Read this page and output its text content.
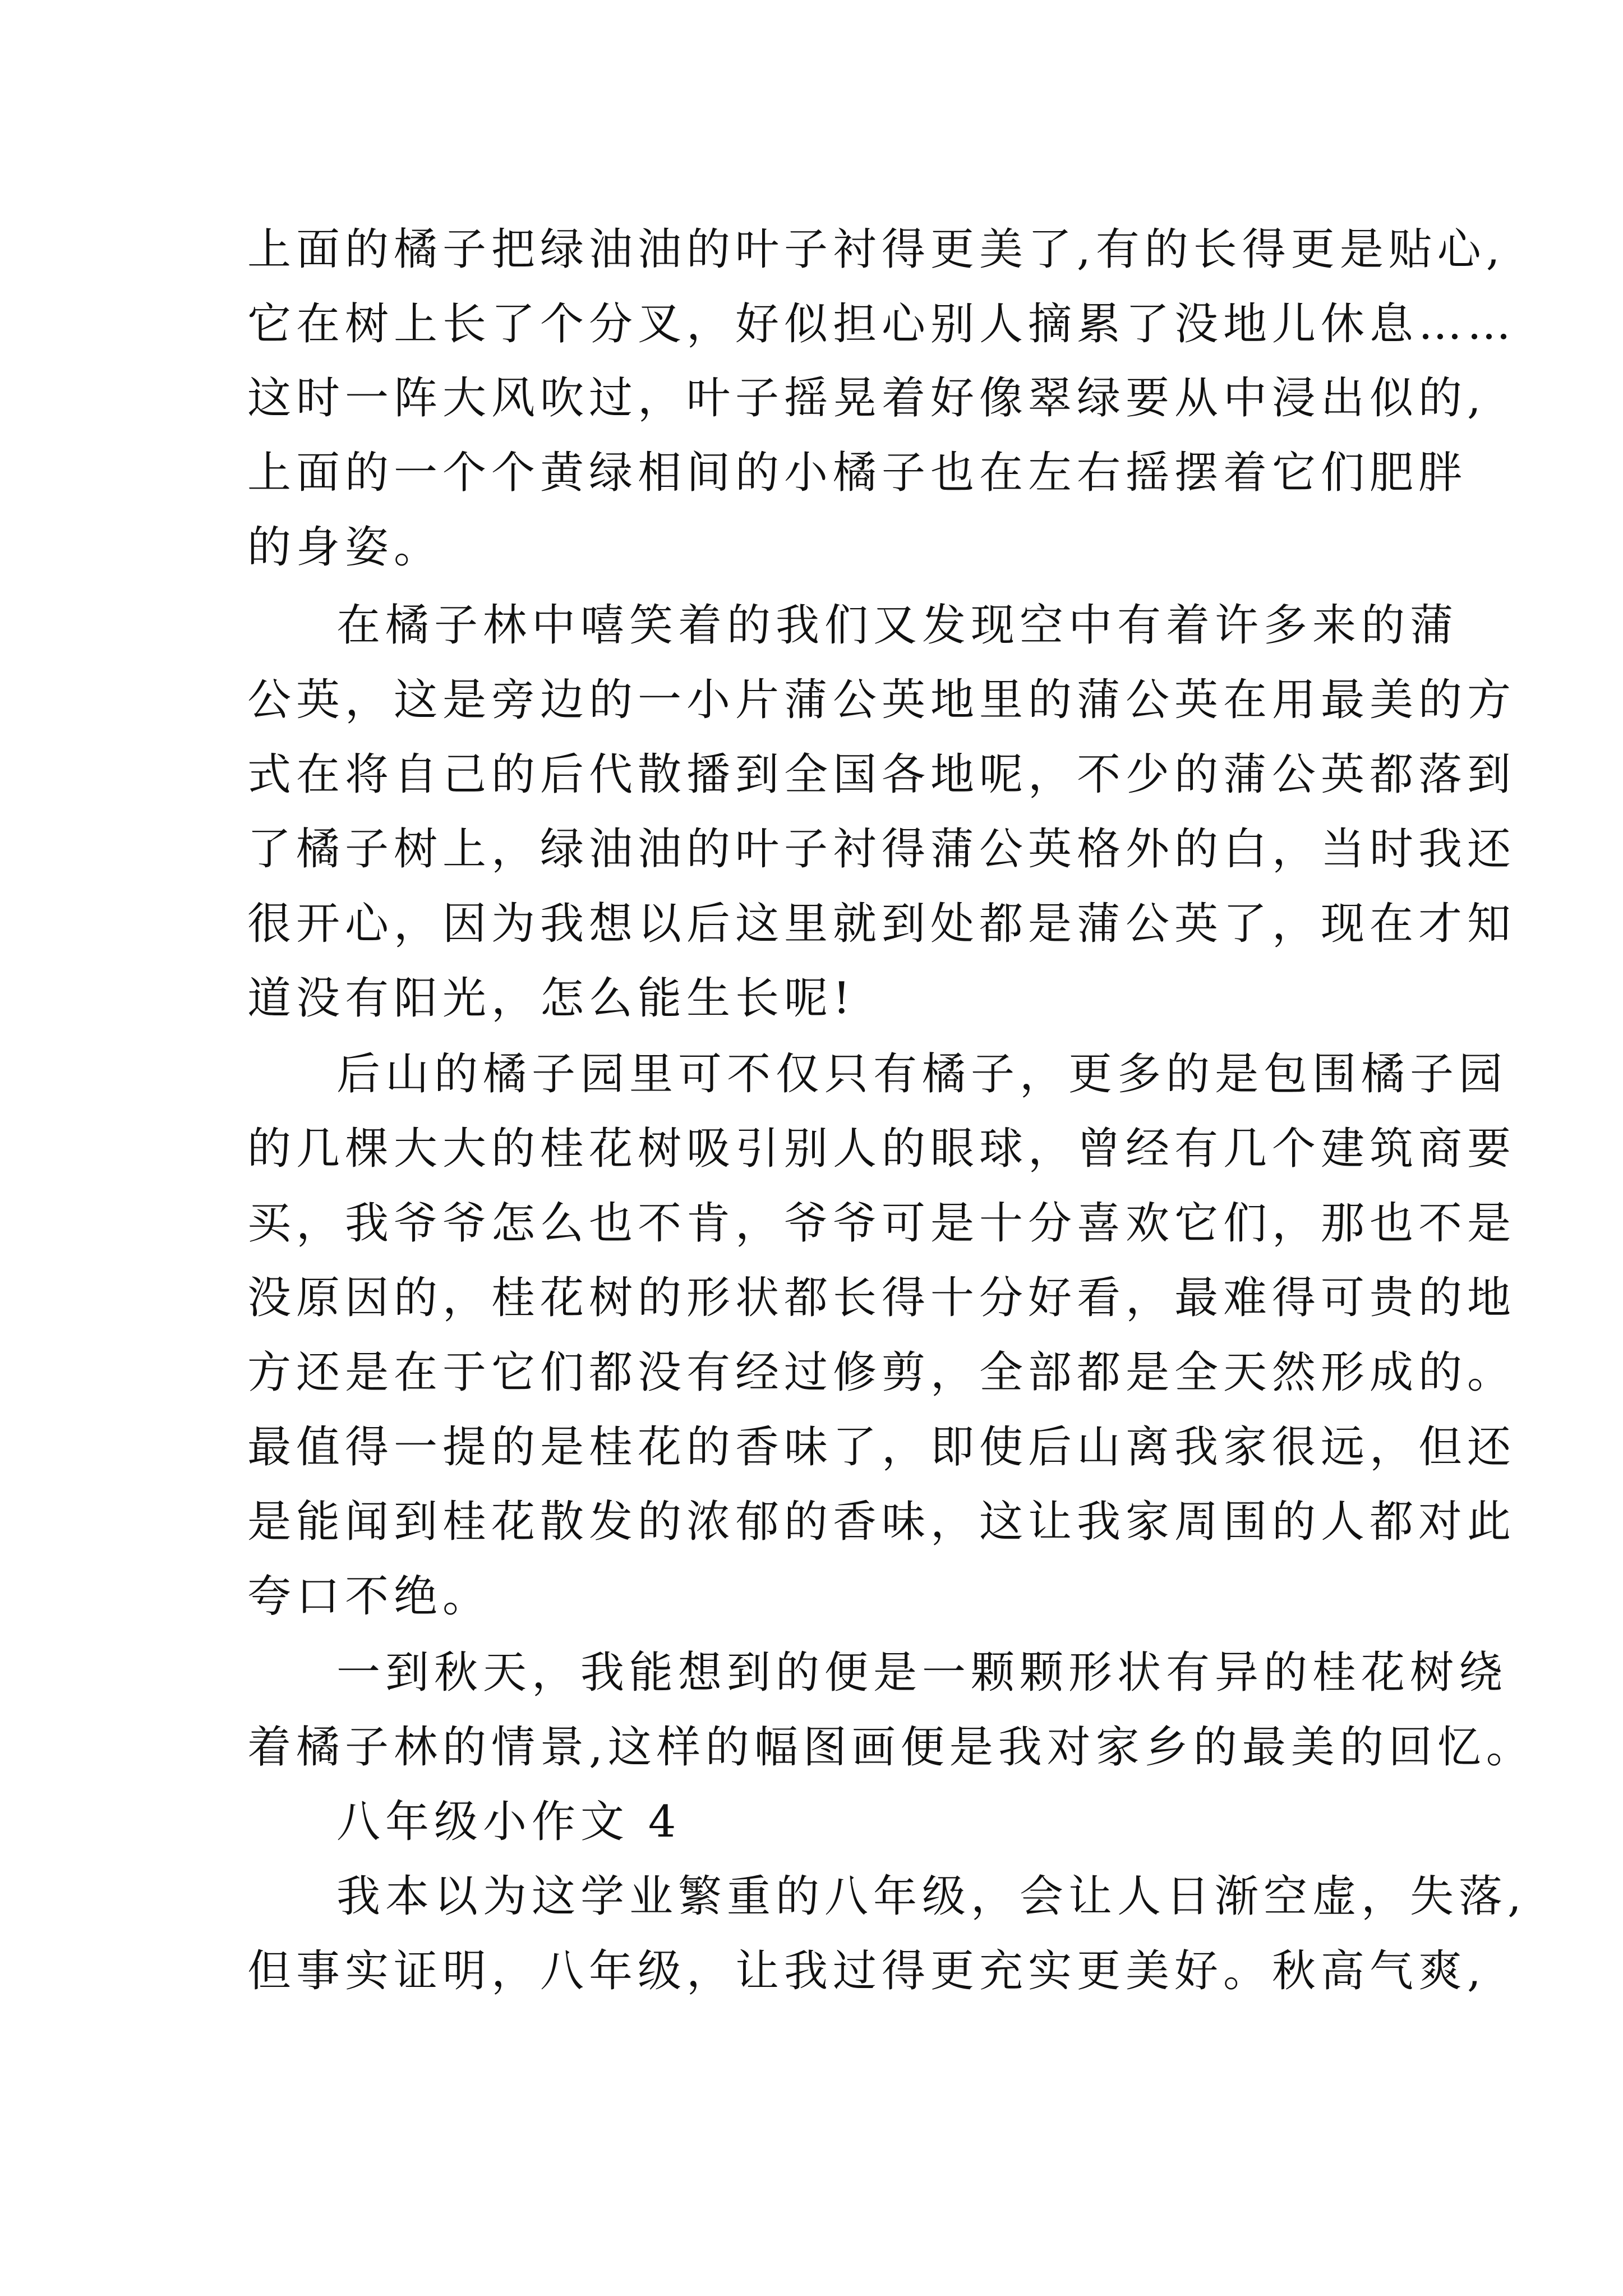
上面的橘子把绿油油的叶子衬得更美了,有的长得更是贴心,

它在树上长了个分叉，好似担心别人摘累了没地儿休息……

这时一阵大风吹过，叶子摇晃着好像翠绿要从中浸出似的,

上面的一个个黄绿相间的小橘子也在左右摇摆着它们肥胖

的身姿。

在橘子林中嘻笑着的我们又发现空中有着许多来的蒲

公英，这是旁边的一小片蒲公英地里的蒲公英在用最美的方

式在将自己的后代散播到全国各地呢，不少的蒲公英都落到

了橘子树上，绿油油的叶子衬得蒲公英格外的白，当时我还

很开心，因为我想以后这里就到处都是蒲公英了，现在才知

道没有阳光，怎么能生长呢!

后山的橘子园里可不仅只有橘子，更多的是包围橘子园

的几棵大大的桂花树吸引别人的眼球，曾经有几个建筑商要

买，我爷爷怎么也不肯，爷爷可是十分喜欢它们，那也不是

没原因的，桂花树的形状都长得十分好看，最难得可贵的地

方还是在于它们都没有经过修剪，全部都是全天然形成的。

最值得一提的是桂花的香味了，即使后山离我家很远，但还

是能闻到桂花散发的浓郁的香味，这让我家周围的人都对此

夸口不绝。

一到秋天，我能想到的便是一颗颗形状有异的桂花树绕

着橘子林的情景,这样的幅图画便是我对家乡的最美的回忆。

八年级小作文 4

我本以为这学业繁重的八年级，会让人日渐空虚，失落,

但事实证明，八年级，让我过得更充实更美好。秋高气爽,
